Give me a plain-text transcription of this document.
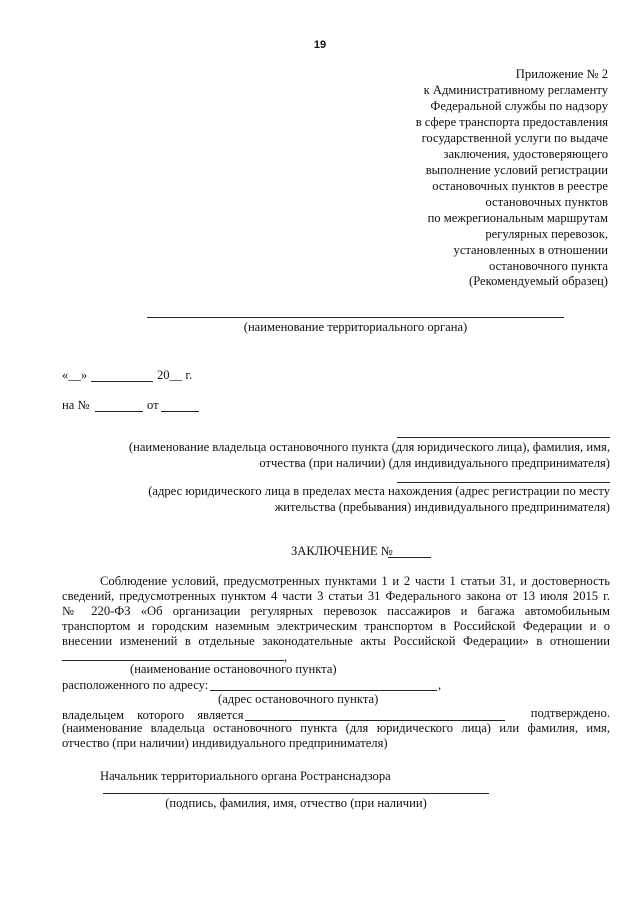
19
Приложение № 2
к Административному регламенту
Федеральной службы по надзору
в сфере транспорта предоставления
государственной услуги по выдаче
заключения, удостоверяющего
выполнение условий регистрации
остановочных пунктов в реестре
остановочных пунктов
по межрегиональным маршрутам
регулярных перевозок,
установленных в отношении
остановочного пункта
(Рекомендуемый образец)
(наименование территориального органа)
«__»	20__ г.
на №	от
(наименование владельца остановочного пункта (для юридического лица), фамилия, имя,
отчества (при наличии) (для индивидуального предпринимателя)
(адрес юридического лица в пределах места нахождения (адрес регистрации по месту
жительства (пребывания) индивидуального предпринимателя)
ЗАКЛЮЧЕНИЕ №
Соблюдение условий, предусмотренных пунктами 1 и 2 части 1 статьи 31, и достоверность
сведений, предусмотренных пунктом 4 части 3 статьи 31 Федерального закона от 13 июля 2015 г.
№ 220-ФЗ «Об организации регулярных перевозок пассажиров и багажа автомобильным
транспортом и городским наземным электрическим транспортом в Российской Федерации и о
внесении изменений в отдельные законодательные акты Российской Федерации» в отношении
,
(наименование остановочного пункта)
расположенного по адресу:	,
(адрес остановочного пункта)
владельцем которого является	подтверждено.
(наименование владельца остановочного пункта (для юридического лица) или фамилия, имя,
отчество (при наличии) индивидуального предпринимателя)
Начальник территориального органа Ространснадзора
(подпись, фамилия, имя, отчество (при наличии)
